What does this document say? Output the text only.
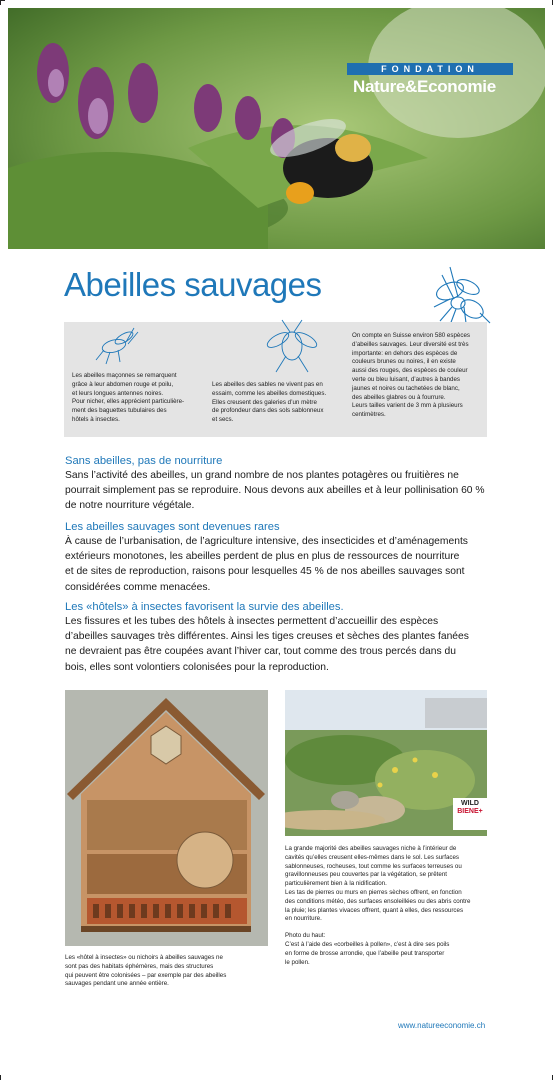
FONDATION
Nature&Economie
Abeilles sauvages
Les abeilles maçonnes se remarquent
grâce à leur abdomen rouge et poilu,
et leurs longues antennes noires.
Pour nicher, elles apprécient particulière-
ment des baguettes tubulaires des
hôtels à insectes.
Les abeilles des sables ne vivent pas en
essaim, comme les abeilles domestiques.
Elles creusent des galeries d’un mètre
de profondeur dans des sols sablonneux
et secs.
On compte en Suisse environ 580 espèces
d’abeilles sauvages. Leur diversité est très
importante: en dehors des espèces de
couleurs brunes ou noires, il en existe
aussi des rouges, des espèces de couleur
verte ou bleu luisant, d’autres à bandes
jaunes et noires ou tachetées de blanc,
des abeilles glabres ou à fourrure.
Leurs tailles varient de 3 mm à plusieurs
centimètres.
Sans abeilles, pas de nourriture

Sans l’activité des abeilles, un grand nombre de nos plantes potagères ou fruitières ne
pourrait simplement pas se reproduire. Nous devons aux abeilles et à leur pollinisation 60 %
de notre nourriture végétale.

Les abeilles sauvages sont devenues rares

À cause de l’urbanisation, de l’agriculture intensive, des insecticides et d’aménagements
extérieurs monotones, les abeilles perdent de plus en plus de ressources de nourriture
et de sites de reproduction, raisons pour lesquelles 45 % de nos abeilles sauvages sont
considérées comme menacées.

Les «hôtels» à insectes favorisent la survie des abeilles.

Les fissures et les tubes des hôtels à insectes permettent d’accueillir des espèces
d’abeilles sauvages très différentes. Ainsi les tiges creuses et sèches des plantes fanées
ne devraient pas être coupées avant l’hiver car, tout comme des trous percés dans du
bois, elles sont volontiers colonisées pour la reproduction.

WILD
BIENE+
Les «hôtel à insectes» ou nichoirs à abeilles sauvages ne
sont pas des habitats éphémères, mais des structures
qui peuvent être colonisées – par exemple par des abeilles
sauvages pendant une année entière.

La grande majorité des abeilles sauvages niche à l’intérieur de
cavités qu’elles creusent elles-mêmes dans le sol. Les surfaces
sablonneuses, rocheuses, tout comme les surfaces terreuses ou
gravillonneuses peu couvertes par la végétation, se prêtent
particulièrement bien à la nidification.
Les tas de pierres ou murs en pierres sèches offrent, en fonction
des conditions météo, des surfaces ensoleillées ou des abris contre
la pluie; les plantes vivaces offrent, quant à elles, des ressources
en nourriture.

Photo du haut:
C’est à l’aide des «corbeilles à pollen», c’est à dire ses poils
en forme de brosse arrondie, que l’abeille peut transporter
le pollen.

www.natureeconomie.ch
